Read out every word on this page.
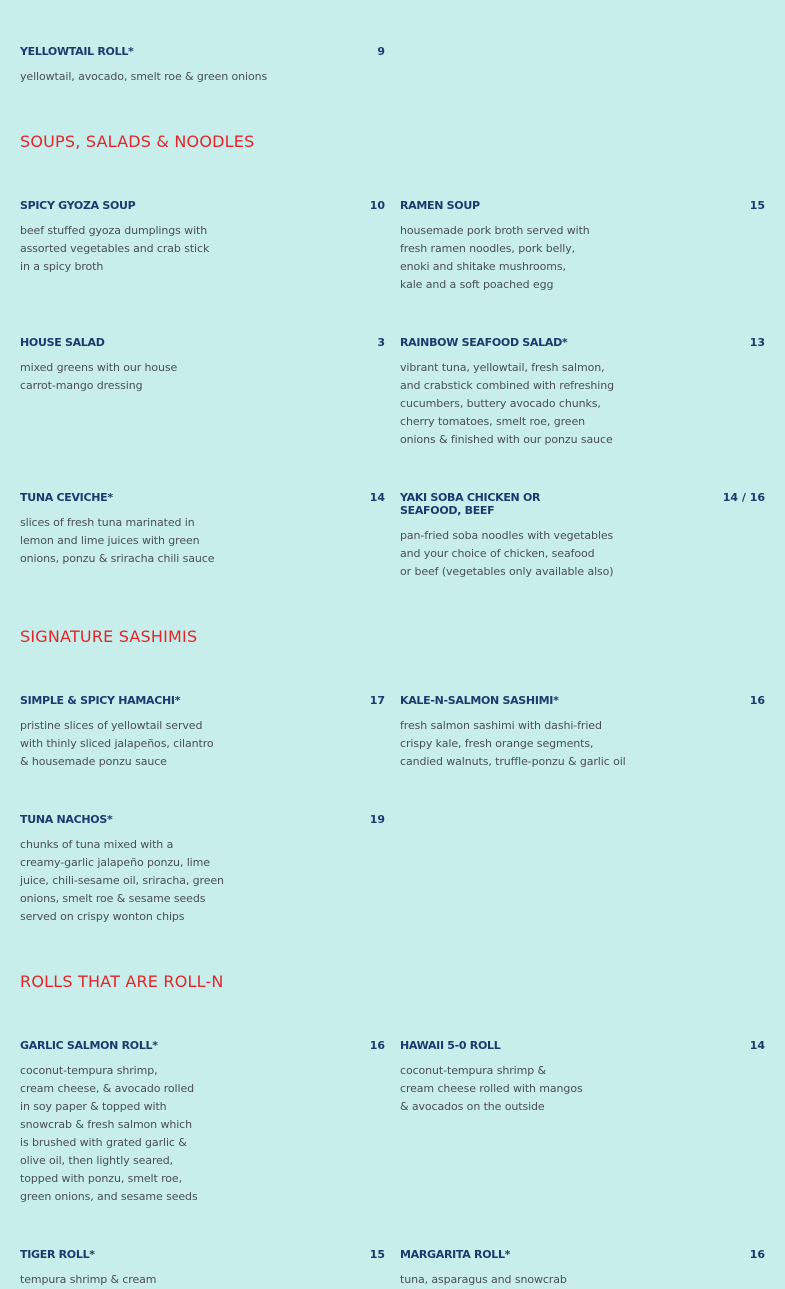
YELLOWTAIL ROLL*	9
yellowtail, avocado, smelt roe & green onions
SOUPS, SALADS & NOODLES
SPICY GYOZA SOUP	10
beef stuffed gyoza dumplings with
assorted vegetables and crab stick
in a spicy broth
RAMEN SOUP	15
housemade pork broth served with
fresh ramen noodles, pork belly,
enoki and shitake mushrooms,
kale and a soft poached egg
HOUSE SALAD	3
mixed greens with our house
carrot-mango dressing
RAINBOW SEAFOOD SALAD*	13
vibrant tuna, yellowtail, fresh salmon,
and crabstick combined with refreshing
cucumbers, buttery avocado chunks,
cherry tomatoes, smelt roe, green
onions & finished with our ponzu sauce
TUNA CEVICHE*	14
slices of fresh tuna marinated in
lemon and lime juices with green
onions, ponzu & sriracha chili sauce
YAKI SOBA CHICKEN OR
SEAFOOD, BEEF
14 / 16
pan-fried soba noodles with vegetables
and your choice of chicken, seafood
or beef (vegetables only available also)
SIGNATURE SASHIMIS
SIMPLE & SPICY HAMACHI*	17
pristine slices of yellowtail served
with thinly sliced jalapeños, cilantro
& housemade ponzu sauce
KALE-N-SALMON SASHIMI*	16
fresh salmon sashimi with dashi-fried
crispy kale, fresh orange segments,
candied walnuts, truffle-ponzu & garlic oil
TUNA NACHOS*	19
chunks of tuna mixed with a
creamy-garlic jalapeño ponzu, lime
juice, chili-sesame oil, sriracha, green
onions, smelt roe & sesame seeds
served on crispy wonton chips
ROLLS THAT ARE ROLL-N
GARLIC SALMON ROLL*	16
coconut-tempura shrimp,
cream cheese, & avocado rolled
in soy paper & topped with
snowcrab & fresh salmon which
is brushed with grated garlic &
olive oil, then lightly seared,
topped with ponzu, smelt roe,
green onions, and sesame seeds
HAWAII 5-0 ROLL	14
coconut-tempura shrimp &
cream cheese rolled with mangos
& avocados on the outside
TIGER ROLL*	15
tempura shrimp & cream
MARGARITA ROLL*	16
tuna, asparagus and snowcrab
